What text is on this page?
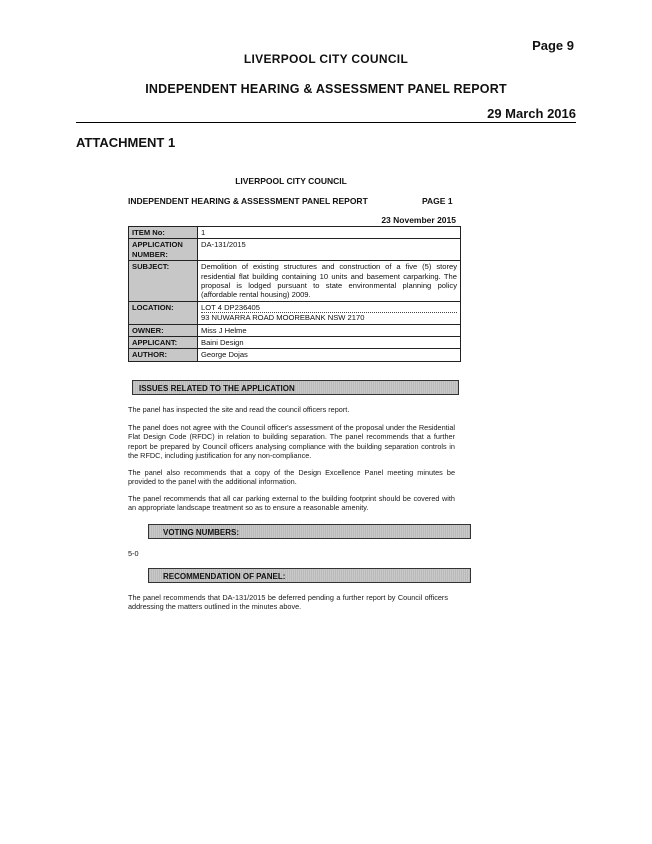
Page 9
LIVERPOOL CITY COUNCIL
INDEPENDENT HEARING & ASSESSMENT PANEL REPORT
29 March 2016
ATTACHMENT 1
LIVERPOOL CITY COUNCIL
INDEPENDENT HEARING & ASSESSMENT PANEL REPORT	PAGE 1
23 November 2015
ITEM No:	1
APPLICATION NUMBER:	DA-131/2015
SUBJECT:	Demolition of existing structures and construction of a five (5) storey residential flat building containing 10 units and basement carparking. The proposal is lodged pursuant to state environmental planning policy (affordable rental housing) 2009.
LOCATION:	LOT 4 DP236405
93 NUWARRA ROAD MOOREBANK NSW 2170

OWNER:	Miss J Helme
APPLICANT:	Baini Design
AUTHOR:	George Dojas
ISSUES RELATED TO THE APPLICATION
The panel has inspected the site and read the council officers report.
The panel does not agree with the Council officer's assessment of the proposal under the Residential Flat Design Code (RFDC) in relation to building separation. The panel recommends that a further report be prepared by Council officers analysing compliance with the building separation controls in the RFDC, including justification for any non-compliance.
The panel also recommends that a copy of the Design Excellence Panel meeting minutes be provided to the panel with the additional information.
The panel recommends that all car parking external to the building footprint should be covered with an appropriate landscape treatment so as to ensure a reasonable amenity.
VOTING NUMBERS:
5-0
RECOMMENDATION OF PANEL:
The panel recommends that DA-131/2015 be deferred pending a further report by Council officers addressing the matters outlined in the minutes above.
